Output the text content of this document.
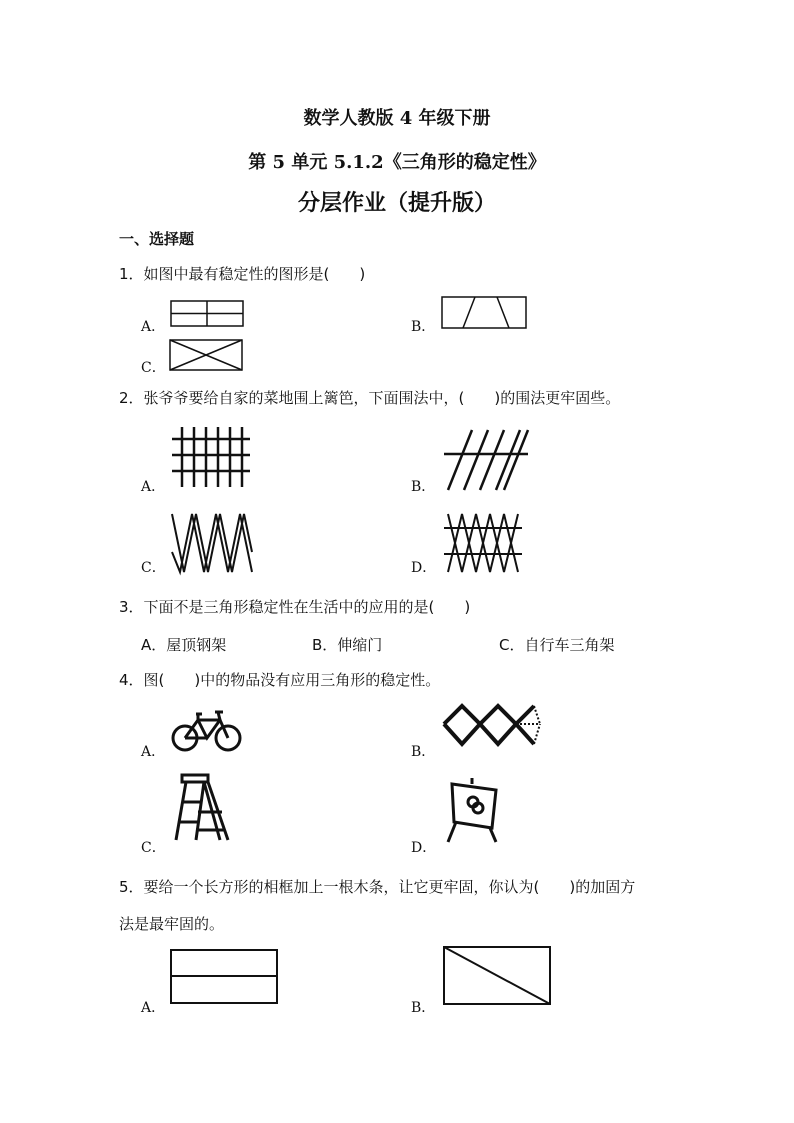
数学人教版 4 年级下册
第 5 单元 5.1.2《三角形的稳定性》
分层作业（提升版）
一、选择题
1．如图中最有稳定性的图形是(　　)
A．	B．
C．
2．张爷爷要给自家的菜地围上篱笆，下面围法中，(　　)的围法更牢固些。
A．	B．
C．	D．
3．下面不是三角形稳定性在生活中的应用的是(　　)
A．屋顶钢架	B．伸缩门	C．自行车三角架
4．图(　　)中的物品没有应用三角形的稳定性。
A．	B．
C．	D．
5．要给一个长方形的相框加上一根木条，让它更牢固，你认为(　　)的加固方
法是最牢固的。
A．	B．
